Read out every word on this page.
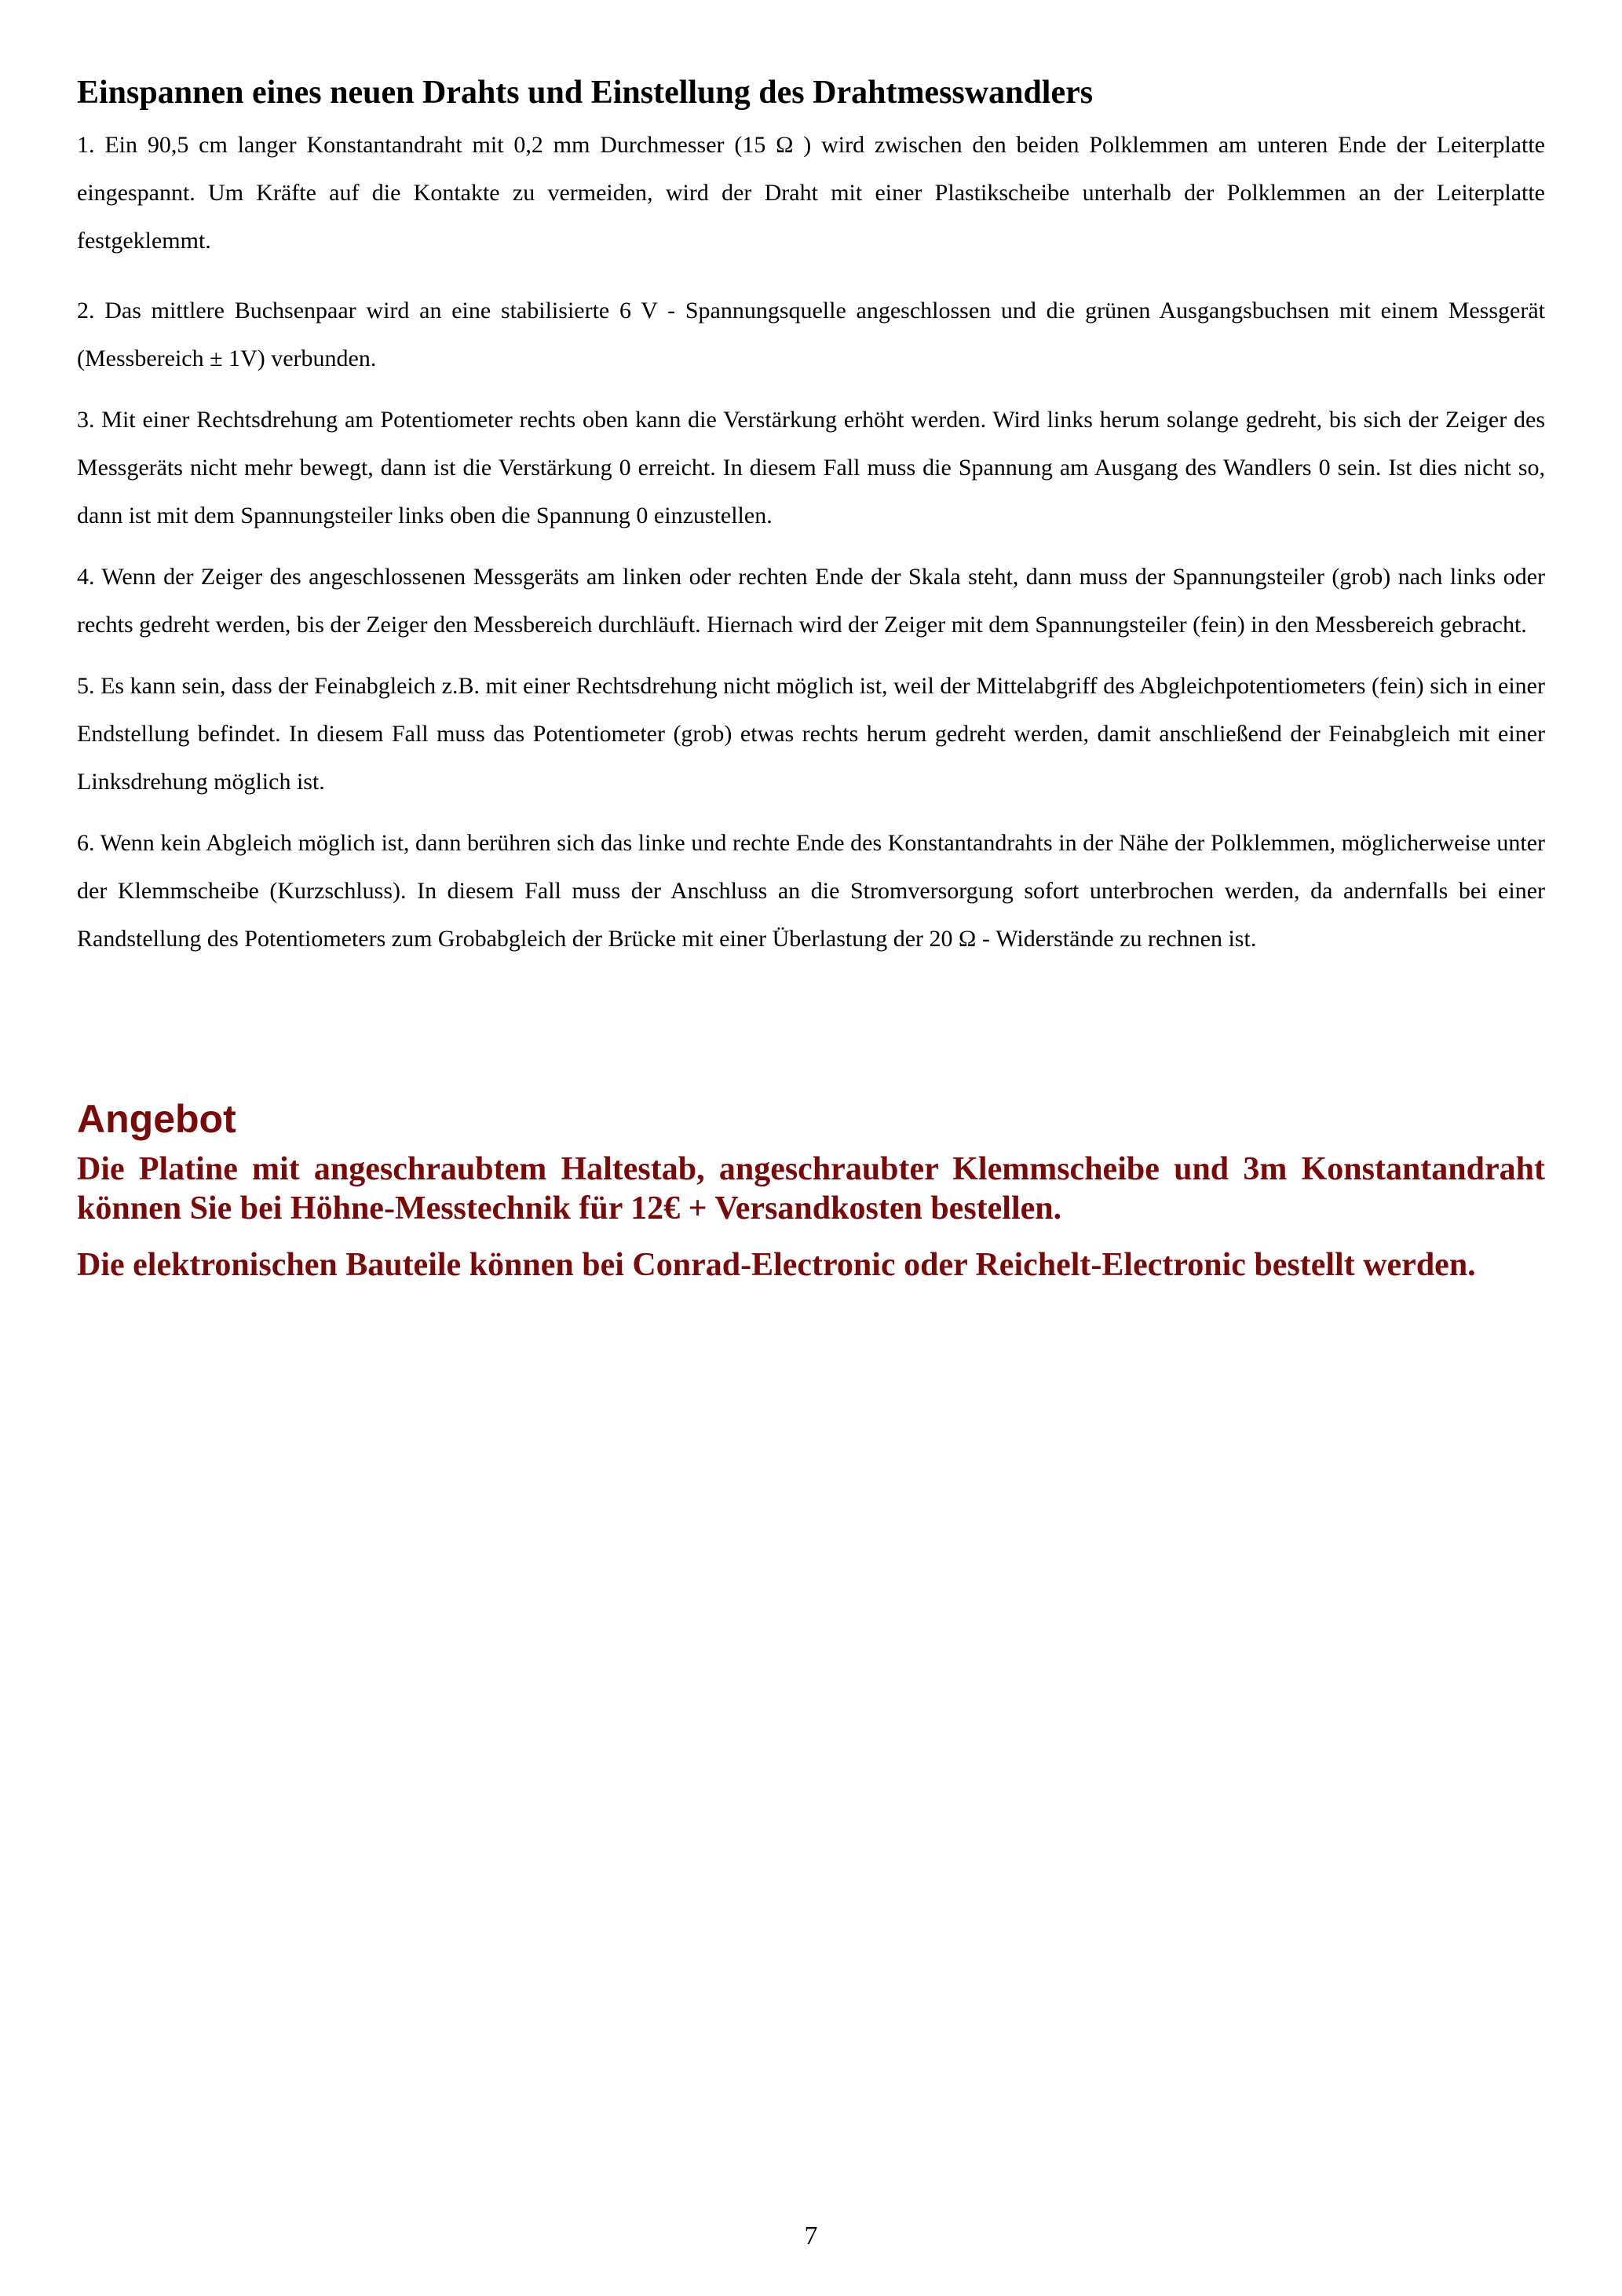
Einspannen eines neuen Drahts und Einstellung des Drahtmesswandlers

1. Ein 90,5 cm langer Konstantandraht mit 0,2 mm Durchmesser (15 Ω ) wird zwischen den beiden Polklemmen am unteren Ende der Leiterplatte eingespannt. Um Kräfte auf die Kontakte zu vermeiden, wird der Draht mit einer Plastikscheibe unterhalb der Polklemmen an der Leiterplatte festgeklemmt.

2. Das mittlere Buchsenpaar wird an eine stabilisierte 6 V - Spannungsquelle angeschlossen und die grünen Ausgangsbuchsen mit einem Messgerät (Messbereich ± 1V) verbunden.

3. Mit einer Rechtsdrehung am Potentiometer rechts oben kann die Verstärkung erhöht werden. Wird links herum solange gedreht, bis sich der Zeiger des Messgeräts nicht mehr bewegt, dann ist die Verstärkung 0 erreicht. In diesem Fall muss die Spannung am Ausgang des Wandlers 0 sein. Ist dies nicht so, dann ist mit dem Spannungsteiler links oben die Spannung 0 einzustellen.

4. Wenn der Zeiger des angeschlossenen Messgeräts am linken oder rechten Ende der Skala steht, dann muss der Spannungsteiler (grob) nach links oder rechts gedreht werden, bis der Zeiger den Messbereich durchläuft. Hiernach wird der Zeiger mit dem Spannungsteiler (fein) in den Messbereich gebracht.

5. Es kann sein, dass der Feinabgleich z.B. mit einer Rechtsdrehung nicht möglich ist, weil der Mittelabgriff des Abgleichpotentiometers (fein) sich in einer Endstellung befindet. In diesem Fall muss das Potentiometer (grob) etwas rechts herum gedreht werden, damit anschließend der Feinabgleich mit einer Linksdrehung möglich ist.

6. Wenn kein Abgleich möglich ist, dann berühren sich das linke und rechte Ende des Konstantandrahts in der Nähe der Polklemmen, möglicherweise unter der Klemmscheibe (Kurzschluss). In diesem Fall muss der Anschluss an die Stromversorgung sofort unterbrochen werden, da andernfalls bei einer Randstellung des Potentiometers zum Grobabgleich der Brücke mit einer Überlastung der 20 Ω - Widerstände zu rechnen ist.

Angebot

Die Platine mit angeschraubtem Haltestab, angeschraubter Klemmscheibe und 3m Konstantandraht können Sie bei Höhne-Messtechnik für 12€ + Versandkosten bestellen.

Die elektronischen Bauteile können bei Conrad-Electronic oder Reichelt-Electronic bestellt werden.

7
